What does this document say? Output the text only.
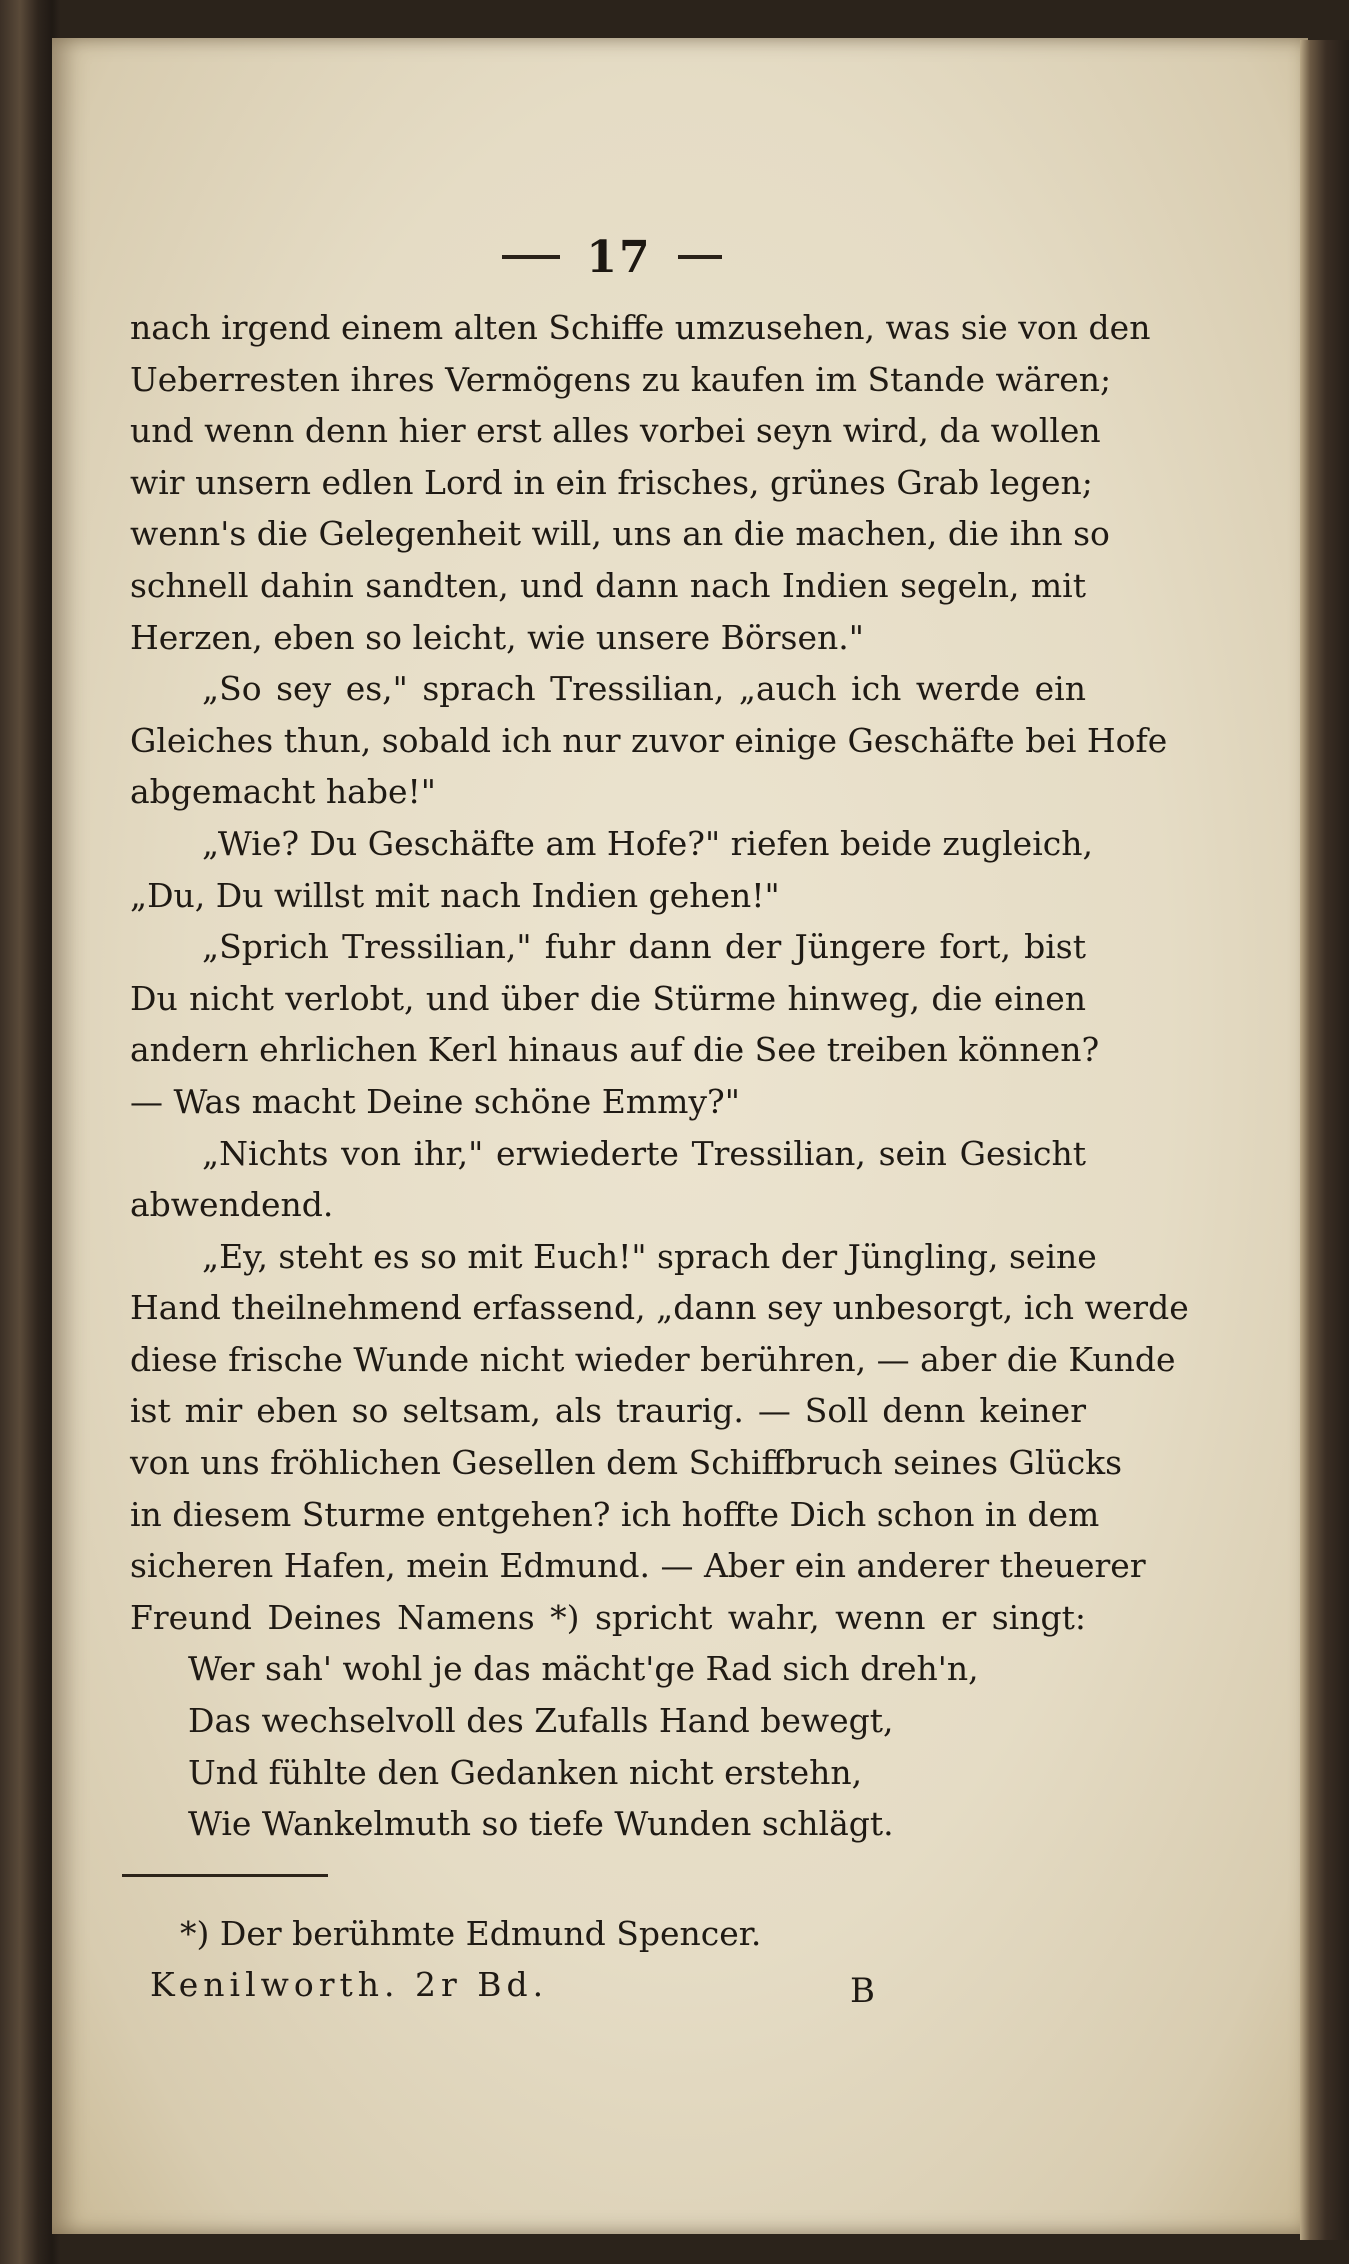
17
nach irgend einem alten Schiffe umzusehen, was sie von den
Ueberresten ihres Vermögens zu kaufen im Stande wären;
und wenn denn hier erst alles vorbei seyn wird, da wollen
wir unsern edlen Lord in ein frisches, grünes Grab legen;
wenn's die Gelegenheit will, uns an die machen, die ihn so
schnell dahin sandten, und dann nach Indien segeln, mit
Herzen, eben so leicht, wie unsere Börsen."
„So sey es," sprach Tressilian, „auch ich werde ein
Gleiches thun, sobald ich nur zuvor einige Geschäfte bei Hofe
abgemacht habe!"
„Wie? Du Geschäfte am Hofe?" riefen beide zugleich,
„Du, Du willst mit nach Indien gehen!"
„Sprich Tressilian," fuhr dann der Jüngere fort, bist
Du nicht verlobt, und über die Stürme hinweg, die einen
andern ehrlichen Kerl hinaus auf die See treiben können?
— Was macht Deine schöne Emmy?"
„Nichts von ihr," erwiederte Tressilian, sein Gesicht
abwendend.
„Ey, steht es so mit Euch!" sprach der Jüngling, seine
Hand theilnehmend erfassend, „dann sey unbesorgt, ich werde
diese frische Wunde nicht wieder berühren, — aber die Kunde
ist mir eben so seltsam, als traurig. — Soll denn keiner
von uns fröhlichen Gesellen dem Schiffbruch seines Glücks
in diesem Sturme entgehen? ich hoffte Dich schon in dem
sicheren Hafen, mein Edmund. — Aber ein anderer theuerer
Freund Deines Namens *) spricht wahr, wenn er singt:
Wer sah' wohl je das mächt'ge Rad sich dreh'n,
Das wechselvoll des Zufalls Hand bewegt,
Und fühlte den Gedanken nicht erstehn,
Wie Wankelmuth so tiefe Wunden schlägt.
*) Der berühmte Edmund Spencer.
Kenilworth. 2r Bd.	B
